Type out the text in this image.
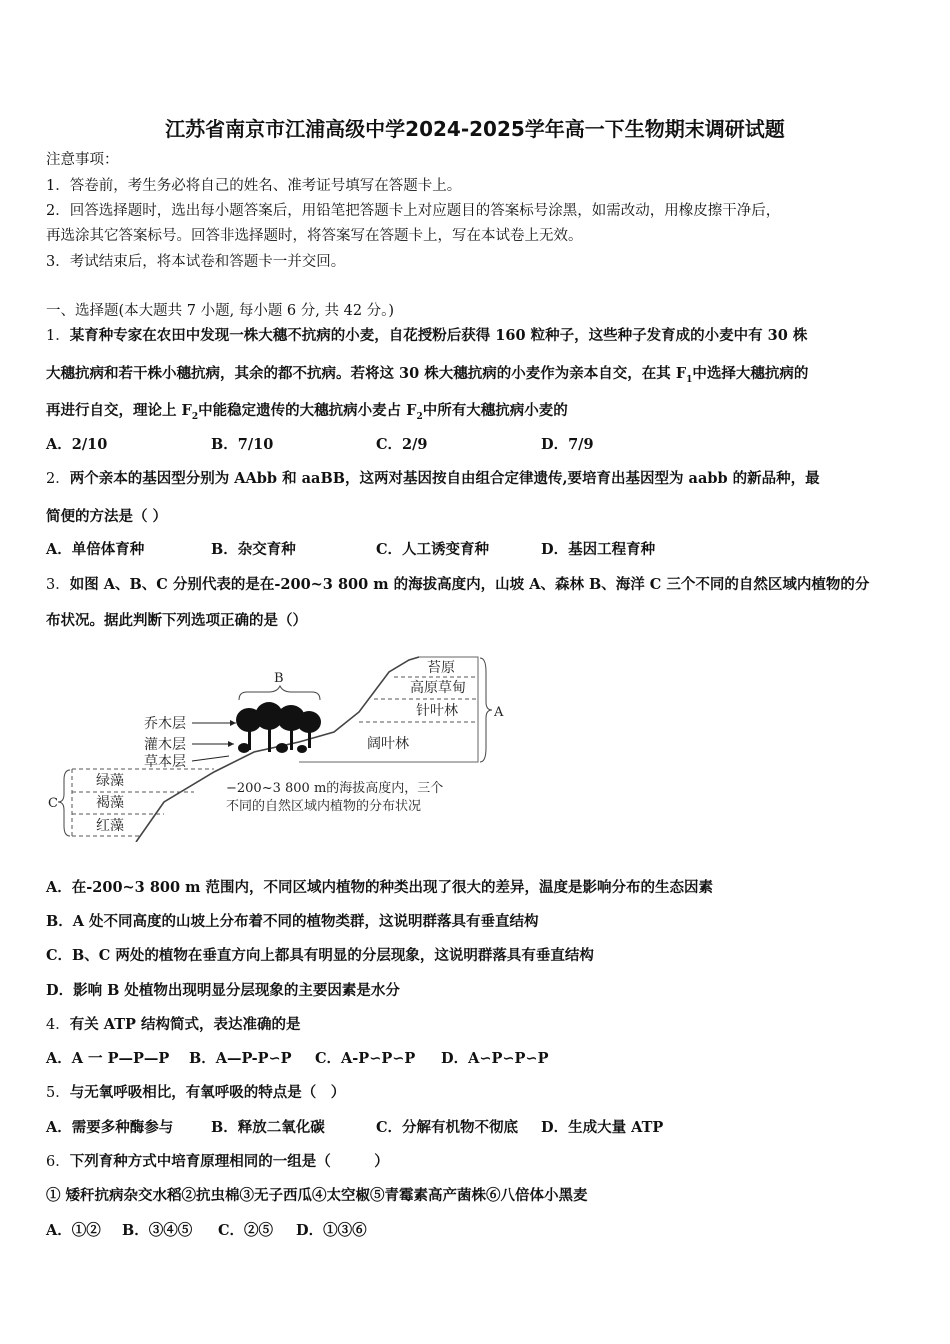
江苏省南京市江浦高级中学2024-2025学年高一下生物期末调研试题
注意事项：
1．答卷前，考生务必将自己的姓名、准考证号填写在答题卡上。
2．回答选择题时，选出每小题答案后，用铅笔把答题卡上对应题目的答案标号涂黑，如需改动，用橡皮擦干净后，
再选涂其它答案标号。回答非选择题时，将答案写在答题卡上，写在本试卷上无效。
3．考试结束后，将本试卷和答题卡一并交回。
一、选择题(本大题共 7 小题, 每小题 6 分, 共 42 分。)
1．某育种专家在农田中发现一株大穗不抗病的小麦，自花授粉后获得 160 粒种子，这些种子发育成的小麦中有 30 株
大穗抗病和若干株小穗抗病，其余的都不抗病。若将这 30 株大穗抗病的小麦作为亲本自交，在其 $F_1$中选择大穗抗病的
再进行自交，理论上 $F_2$中能稳定遗传的大穗抗病小麦占 $F_2$中所有大穗抗病小麦的
A．2/10	B．7/10	C．2/9	D．7/9
2．两个亲本的基因型分别为 AAbb 和 aaBB，这两对基因按自由组合定律遗传,要培育出基因型为 aabb 的新品种，最
简便的方法是（ ）
A．单倍体育种	B．杂交育种	C．人工诱变育种	D．基因工程育种
3．如图 A、B、C 分别代表的是在-200~3 800 m 的海拔高度内，山坡 A、森林 B、海洋 C 三个不同的自然区域内植物的分
布状况。据此判断下列选项正确的是（）
苔原
高原草甸
针叶林
阔叶林
A
B
乔木层
灌木层
草本层
绿藻
褐藻
红藻
C
−200~3 800 m的海拔高度内，三个
不同的自然区域内植物的分布状况
A．在-200~3 800 m 范围内，不同区域内植物的种类出现了很大的差异，温度是影响分布的生态因素
B．A 处不同高度的山坡上分布着不同的植物类群，这说明群落具有垂直结构
C．B、C 两处的植物在垂直方向上都具有明显的分层现象，这说明群落具有垂直结构
D．影响 B 处植物出现明显分层现象的主要因素是水分
4．有关 ATP 结构简式，表达准确的是
A．A 一 P—P—P B．A—P-P∽P C．A-P∽P∽P D．A∽P∽P∽P
5．与无氧呼吸相比，有氧呼吸的特点是（　）
A．需要多种酶参与	B．释放二氧化碳	C．分解有机物不彻底 D．生成大量 ATP
6．下列育种方式中培育原理相同的一组是（　　　）
① 矮秆抗病杂交水稻②抗虫棉③无子西瓜④太空椒⑤青霉素高产菌株⑥八倍体小黑麦
A．①② B．③④⑤ C．②⑤ D．①③⑥
